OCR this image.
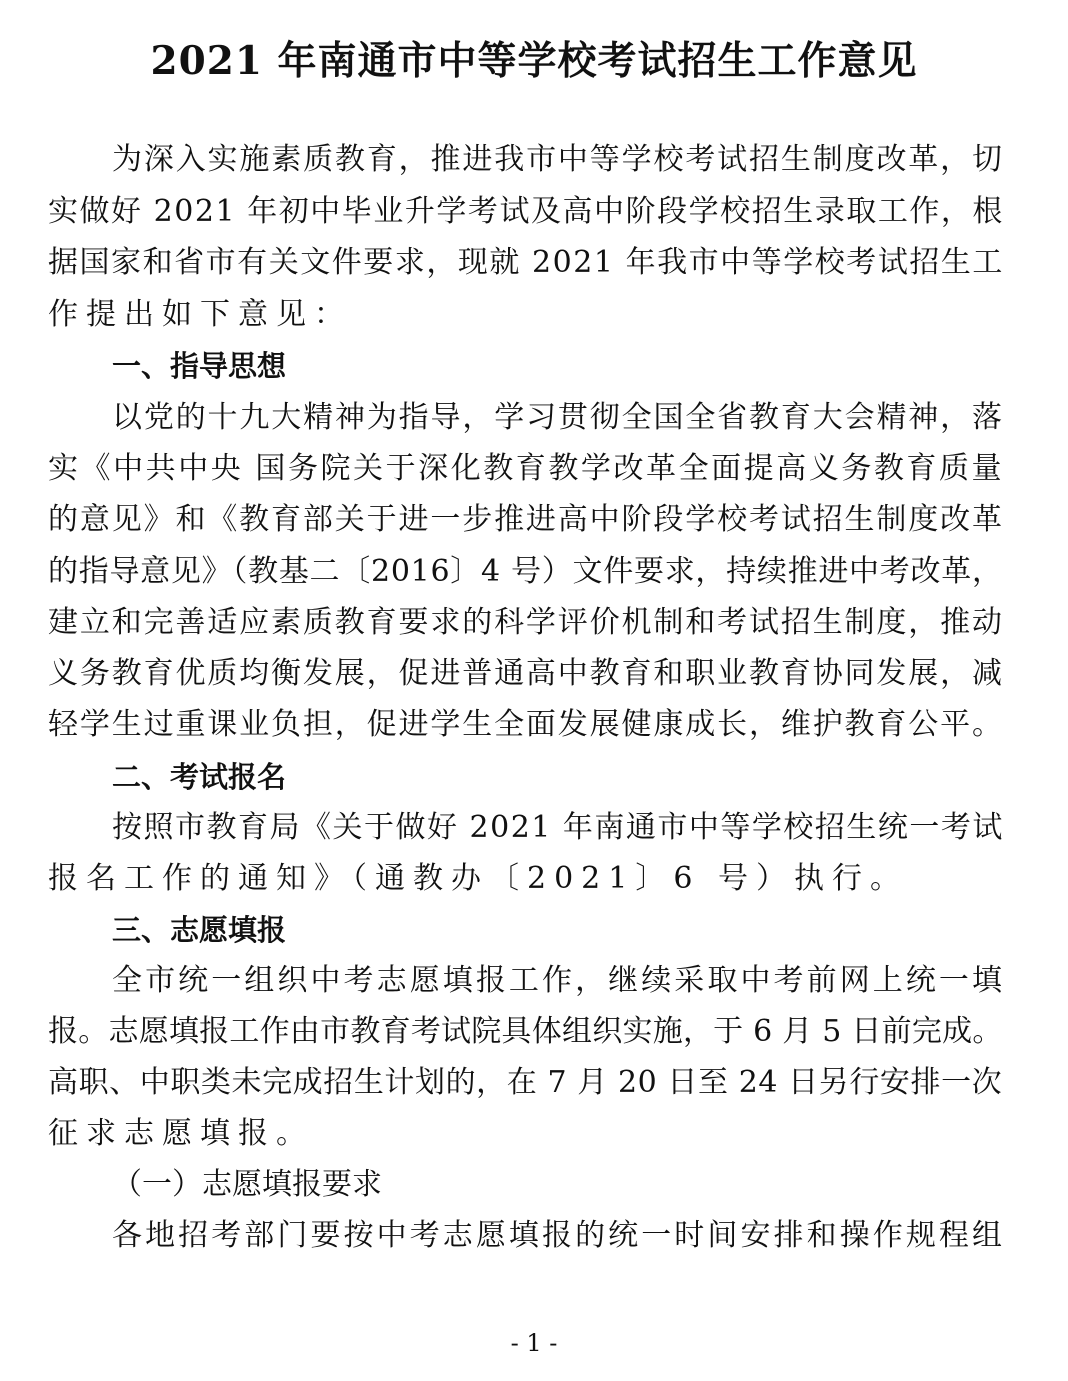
2021 年南通市中等学校考试招生工作意见
为深入实施素质教育，推进我市中等学校考试招生制度改革，切
实做好 2021 年初中毕业升学考试及高中阶段学校招生录取工作，根
据国家和省市有关文件要求，现就 2021 年我市中等学校考试招生工
作提出如下意见：
一、指导思想
以党的十九大精神为指导，学习贯彻全国全省教育大会精神，落
实《中共中央 国务院关于深化教育教学改革全面提高义务教育质量
的意见》和《教育部关于进一步推进高中阶段学校考试招生制度改革
的指导意见》（教基二〔2016〕4 号）文件要求，持续推进中考改革，
建立和完善适应素质教育要求的科学评价机制和考试招生制度，推动
义务教育优质均衡发展，促进普通高中教育和职业教育协同发展，减
轻学生过重课业负担，促进学生全面发展健康成长，维护教育公平。
二、考试报名
按照市教育局《关于做好 2021 年南通市中等学校招生统一考试
报名工作的通知》（通教办〔2021〕6 号）执行。
三、志愿填报
全市统一组织中考志愿填报工作，继续采取中考前网上统一填
报。志愿填报工作由市教育考试院具体组织实施，于 6 月 5 日前完成。
高职、中职类未完成招生计划的，在 7 月 20 日至 24 日另行安排一次
征求志愿填报。
（一）志愿填报要求
各地招考部门要按中考志愿填报的统一时间安排和操作规程组
- 1 -
